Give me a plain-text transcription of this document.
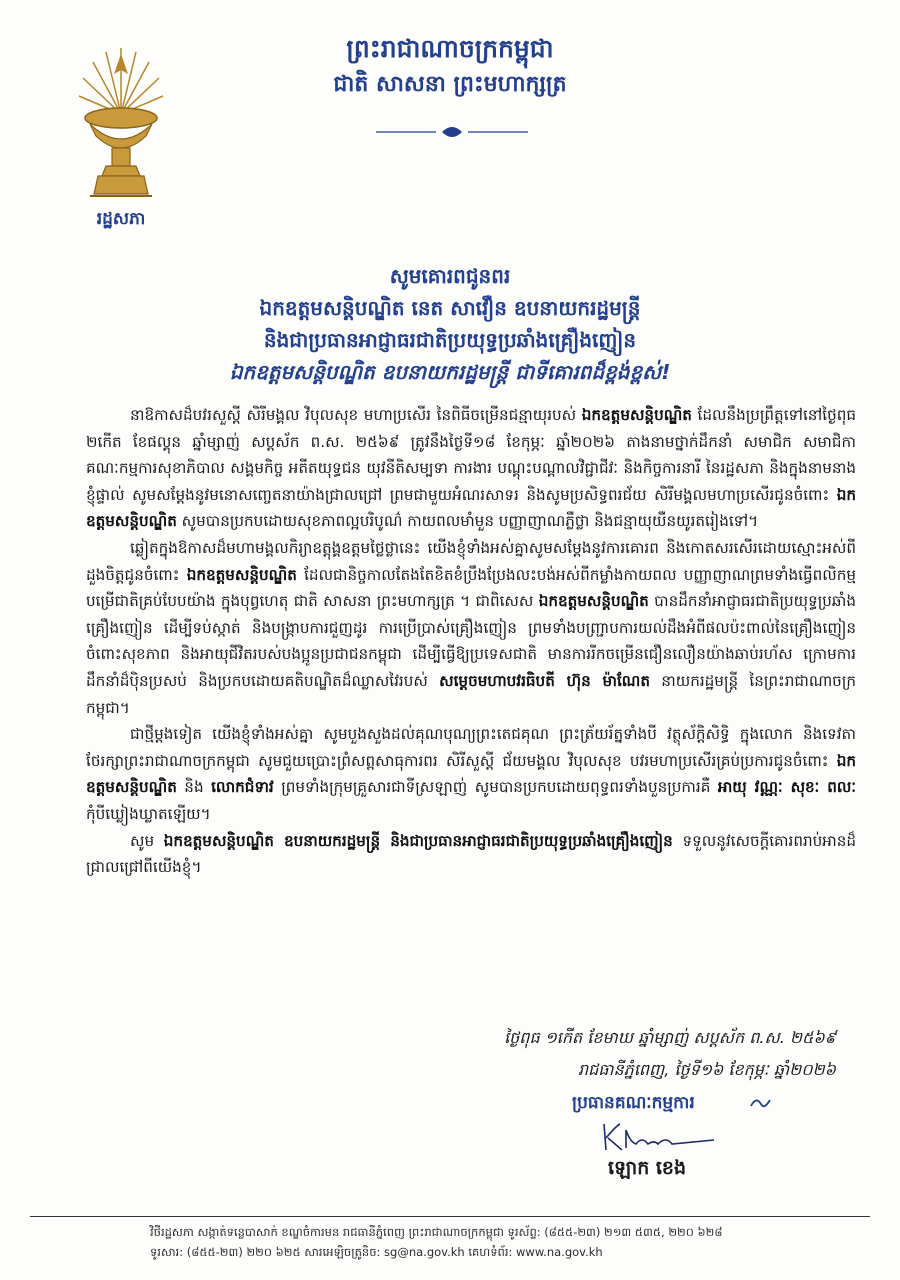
រដ្ឋសភា
ព្រះរាជាណាចក្រកម្ពុជា
ជាតិ សាសនា ព្រះមហាក្សត្រ
សូមគោរពជូនពរ
ឯកឧត្តមសន្តិបណ្ឌិត នេត សាវឿន ឧបនាយករដ្ឋមន្ត្រី
និងជាប្រធានអាជ្ញាធរជាតិប្រយុទ្ធប្រឆាំងគ្រឿងញៀន
ឯកឧត្តមសន្តិបណ្ឌិត ឧបនាយករដ្ឋមន្ត្រី ជាទីគោរពដ៏ខ្ពង់ខ្ពស់!

នាឱកាសដ៏បវរសួស្តី សិរីមង្គល វិបុលសុខ មហាប្រសើរ នៃពិធីចម្រើនជន្មាយុរបស់ ឯកឧត្តមសន្តិបណ្ឌិត ដែលនឹងប្រព្រឹត្តទៅនៅថ្ងៃពុធ ២កើត ខែផល្គុន ឆ្នាំម្សាញ់ សប្តស័ក ព.ស. ២៥៦៩ ត្រូវនឹងថ្ងៃទី១៨ ខែកុម្ភៈ ឆ្នាំ២០២៦ តាងនាមថ្នាក់ដឹកនាំ សមាជិក សមាជិកាគណៈកម្មការសុខាភិបាល សង្គមកិច្ច អតីតយុទ្ធជន យុវនីតិសម្បទា ការងារ បណ្តុះបណ្តាលវិជ្ជាជីវៈ និងកិច្ចការនារី នៃរដ្ឋសភា និងក្នុងនាមនាងខ្ញុំផ្ទាល់ សូមសម្តែងនូវមនោសញ្ចេតនាយ៉ាងជ្រាលជ្រៅ ព្រមជាមួយអំណរសាទរ និងសូមប្រសិទ្ធពរជ័យ សិរីមង្គលមហាប្រសើរជូនចំពោះ ឯកឧត្តមសន្តិបណ្ឌិត សូមបានប្រកបដោយសុខភាពល្អបរិបូណ៌ កាយពលមាំមួន បញ្ញាញាណភ្លឺថ្លា និងជន្មាយុយឺនយូរតរៀងទៅ។

ឆ្លៀតក្នុងឱកាសដ៏មហាមង្គលកិរ្យាឧត្តុង្គឧត្តមថ្លៃថ្លានេះ យើងខ្ញុំទាំងអស់គ្នាសូមសម្តែងនូវការគោរព និងកោតសរសើរដោយស្មោះអស់ពីដួងចិត្តជូនចំពោះ ឯកឧត្តមសន្តិបណ្ឌិត ដែលជានិច្ចកាលតែងតែខិតខំប្រឹងប្រែងលះបង់អស់ពីកម្លាំងកាយពល បញ្ញាញាណព្រមទាំងធ្វើពលិកម្មបម្រើជាតិគ្រប់បែបយ៉ាង ក្នុងបុព្វហេតុ ជាតិ សាសនា ព្រះមហាក្សត្រ ។ ជាពិសេស ឯកឧត្តមសន្តិបណ្ឌិត បានដឹកនាំអាជ្ញាធរជាតិប្រយុទ្ធប្រឆាំងគ្រឿងញៀន ដើម្បីទប់ស្កាត់ និងបង្ក្រាបការជួញដូរ ការប្រើប្រាស់គ្រឿងញៀន ព្រមទាំងបញ្ជ្រាបការយល់ដឹងអំពីផលប៉ះពាល់នៃគ្រឿងញៀនចំពោះសុខភាព និងអាយុជីវិតរបស់បងប្អូនប្រជាជនកម្ពុជា ដើម្បីធ្វើឱ្យប្រទេសជាតិ មានការរីកចម្រើនជឿនលឿនយ៉ាងឆាប់រហ័ស ក្រោមការដឹកនាំដ៏ប៉ិនប្រសប់ និងប្រកបដោយគតិបណ្ឌិតដ៏ឈ្លាសវៃរបស់ សម្តេចមហាបវរធិបតី ហ៊ុន ម៉ាណែត នាយករដ្ឋមន្ត្រី នៃព្រះរាជាណាចក្រកម្ពុជា។

ជាថ្មីម្តងទៀត យើងខ្ញុំទាំងអស់គ្នា សូមបួងសួងដល់គុណបុណ្យព្រះតេជគុណ ព្រះត្រ័យរ័ត្នទាំងបី វត្ថុស័ក្តិសិទ្ធិ ក្នុងលោក និងទេវតាថែរក្សាព្រះរាជាណាចក្រកម្ពុជា សូមជួយប្រោះព្រំសព្ពសាធុការពរ សិរីសួស្តី ជ័យមង្គល វិបុលសុខ បវរមហាប្រសើរគ្រប់ប្រការជូនចំពោះ ឯកឧត្តមសន្តិបណ្ឌិត និង លោកជំទាវ ព្រមទាំងក្រុមគ្រួសារជាទីស្រឡាញ់ សូមបានប្រកបដោយពុទ្ធពរទាំងបួនប្រការគឺ អាយុ វណ្ណៈ សុខៈ ពលៈ កុំបីឃ្លៀងឃ្លាតឡើយ។

សូម ឯកឧត្តមសន្តិបណ្ឌិត ឧបនាយករដ្ឋមន្ត្រី និងជាប្រធានអាជ្ញាធរជាតិប្រយុទ្ធប្រឆាំងគ្រឿងញៀន ទទួលនូវសេចក្តីគោរពរាប់អានដ៏ជ្រាលជ្រៅពីយើងខ្ញុំ។

ថ្ងៃពុធ ១កើត ខែមាឃ ឆ្នាំម្សាញ់ សប្តស័ក ព.ស. ២៥៦៩
រាជធានីភ្នំពេញ, ថ្ងៃទី១៦ ខែកុម្ភៈ ឆ្នាំ២០២៦
ប្រធានគណៈកម្មការ
ឡោក ខេង
វិថីរដ្ឋសភា សង្កាត់ទន្លេបាសាក់ ខណ្ឌចំការមន រាជធានីភ្នំពេញ ព្រះរាជាណាចក្រកម្ពុជា ទូរស័ព្ទ: (៨៥៥-២៣) ២១៣ ៥៣៥, ២២០ ៦២៨
ទូរសារ: (៨៥៥-២៣) ២២០ ៦២៥ សារអេឡិចត្រូនិច: sg@na.gov.kh គេហទំព័រ: www.na.gov.kh
